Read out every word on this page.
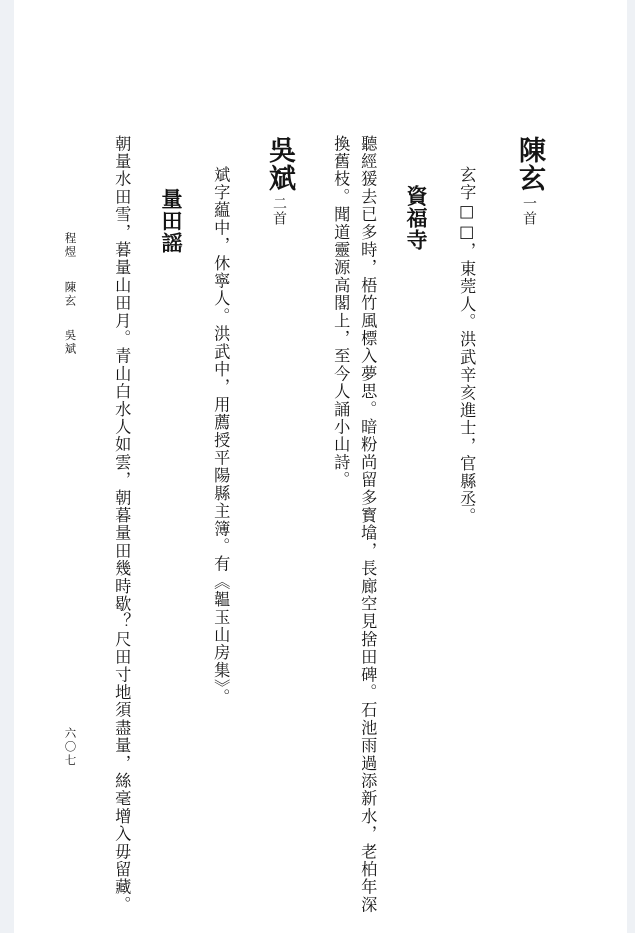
陳玄一首
玄字□□，東莞人。洪武辛亥進士，官縣丞。
資福寺
聽經猨去已多時，梧竹風標入夢思。暗粉尚留多寳墖，長廊空見捨田碑。石池雨過添新水，老柏年深
換舊枝。聞道靈源高閣上，至今人誦小山詩。
吳斌二首
斌字藴中，休寧人。洪武中，用薦授平陽縣主簿。有《韞玉山房集》。
量田謡
朝量水田雪，暮量山田月。青山白水人如雲，朝暮量田幾時歇？尺田寸地須盡量，絲毫增入毋留藏。
程煜 陳玄 吳斌
六〇七
